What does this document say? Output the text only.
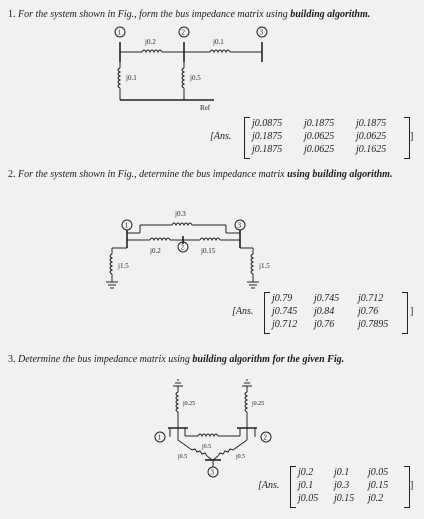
1. For the system shown in Fig., form the bus impedance matrix using building algorithm.
1	2	3
j0.2	j0.1
j0.1	j0.5
Ref
1
2
3
j0.3
j0.2	j0.15
j1.5	j1.5
1	2
3
j0.25	j0.25
j0.5
j0.5	j0.5
[Ans.
j0.0875 j0.1875 j0.1875
j0.1875 j0.0625 j0.0625
j0.1875 j0.0625 j0.1625
]
2. For the system shown in Fig., determine the bus impedance matrix using building algorithm.
[Ans.
j0.79 j0.745 j0.712
j0.745 j0.84 j0.76
j0.712 j0.76 j0.7895
]
3. Determine the bus impedance matrix using building algorithm for the given Fig.
[Ans.
j0.2 j0.1 j0.05
j0.1 j0.3 j0.15
j0.05 j0.15 j0.2
]
